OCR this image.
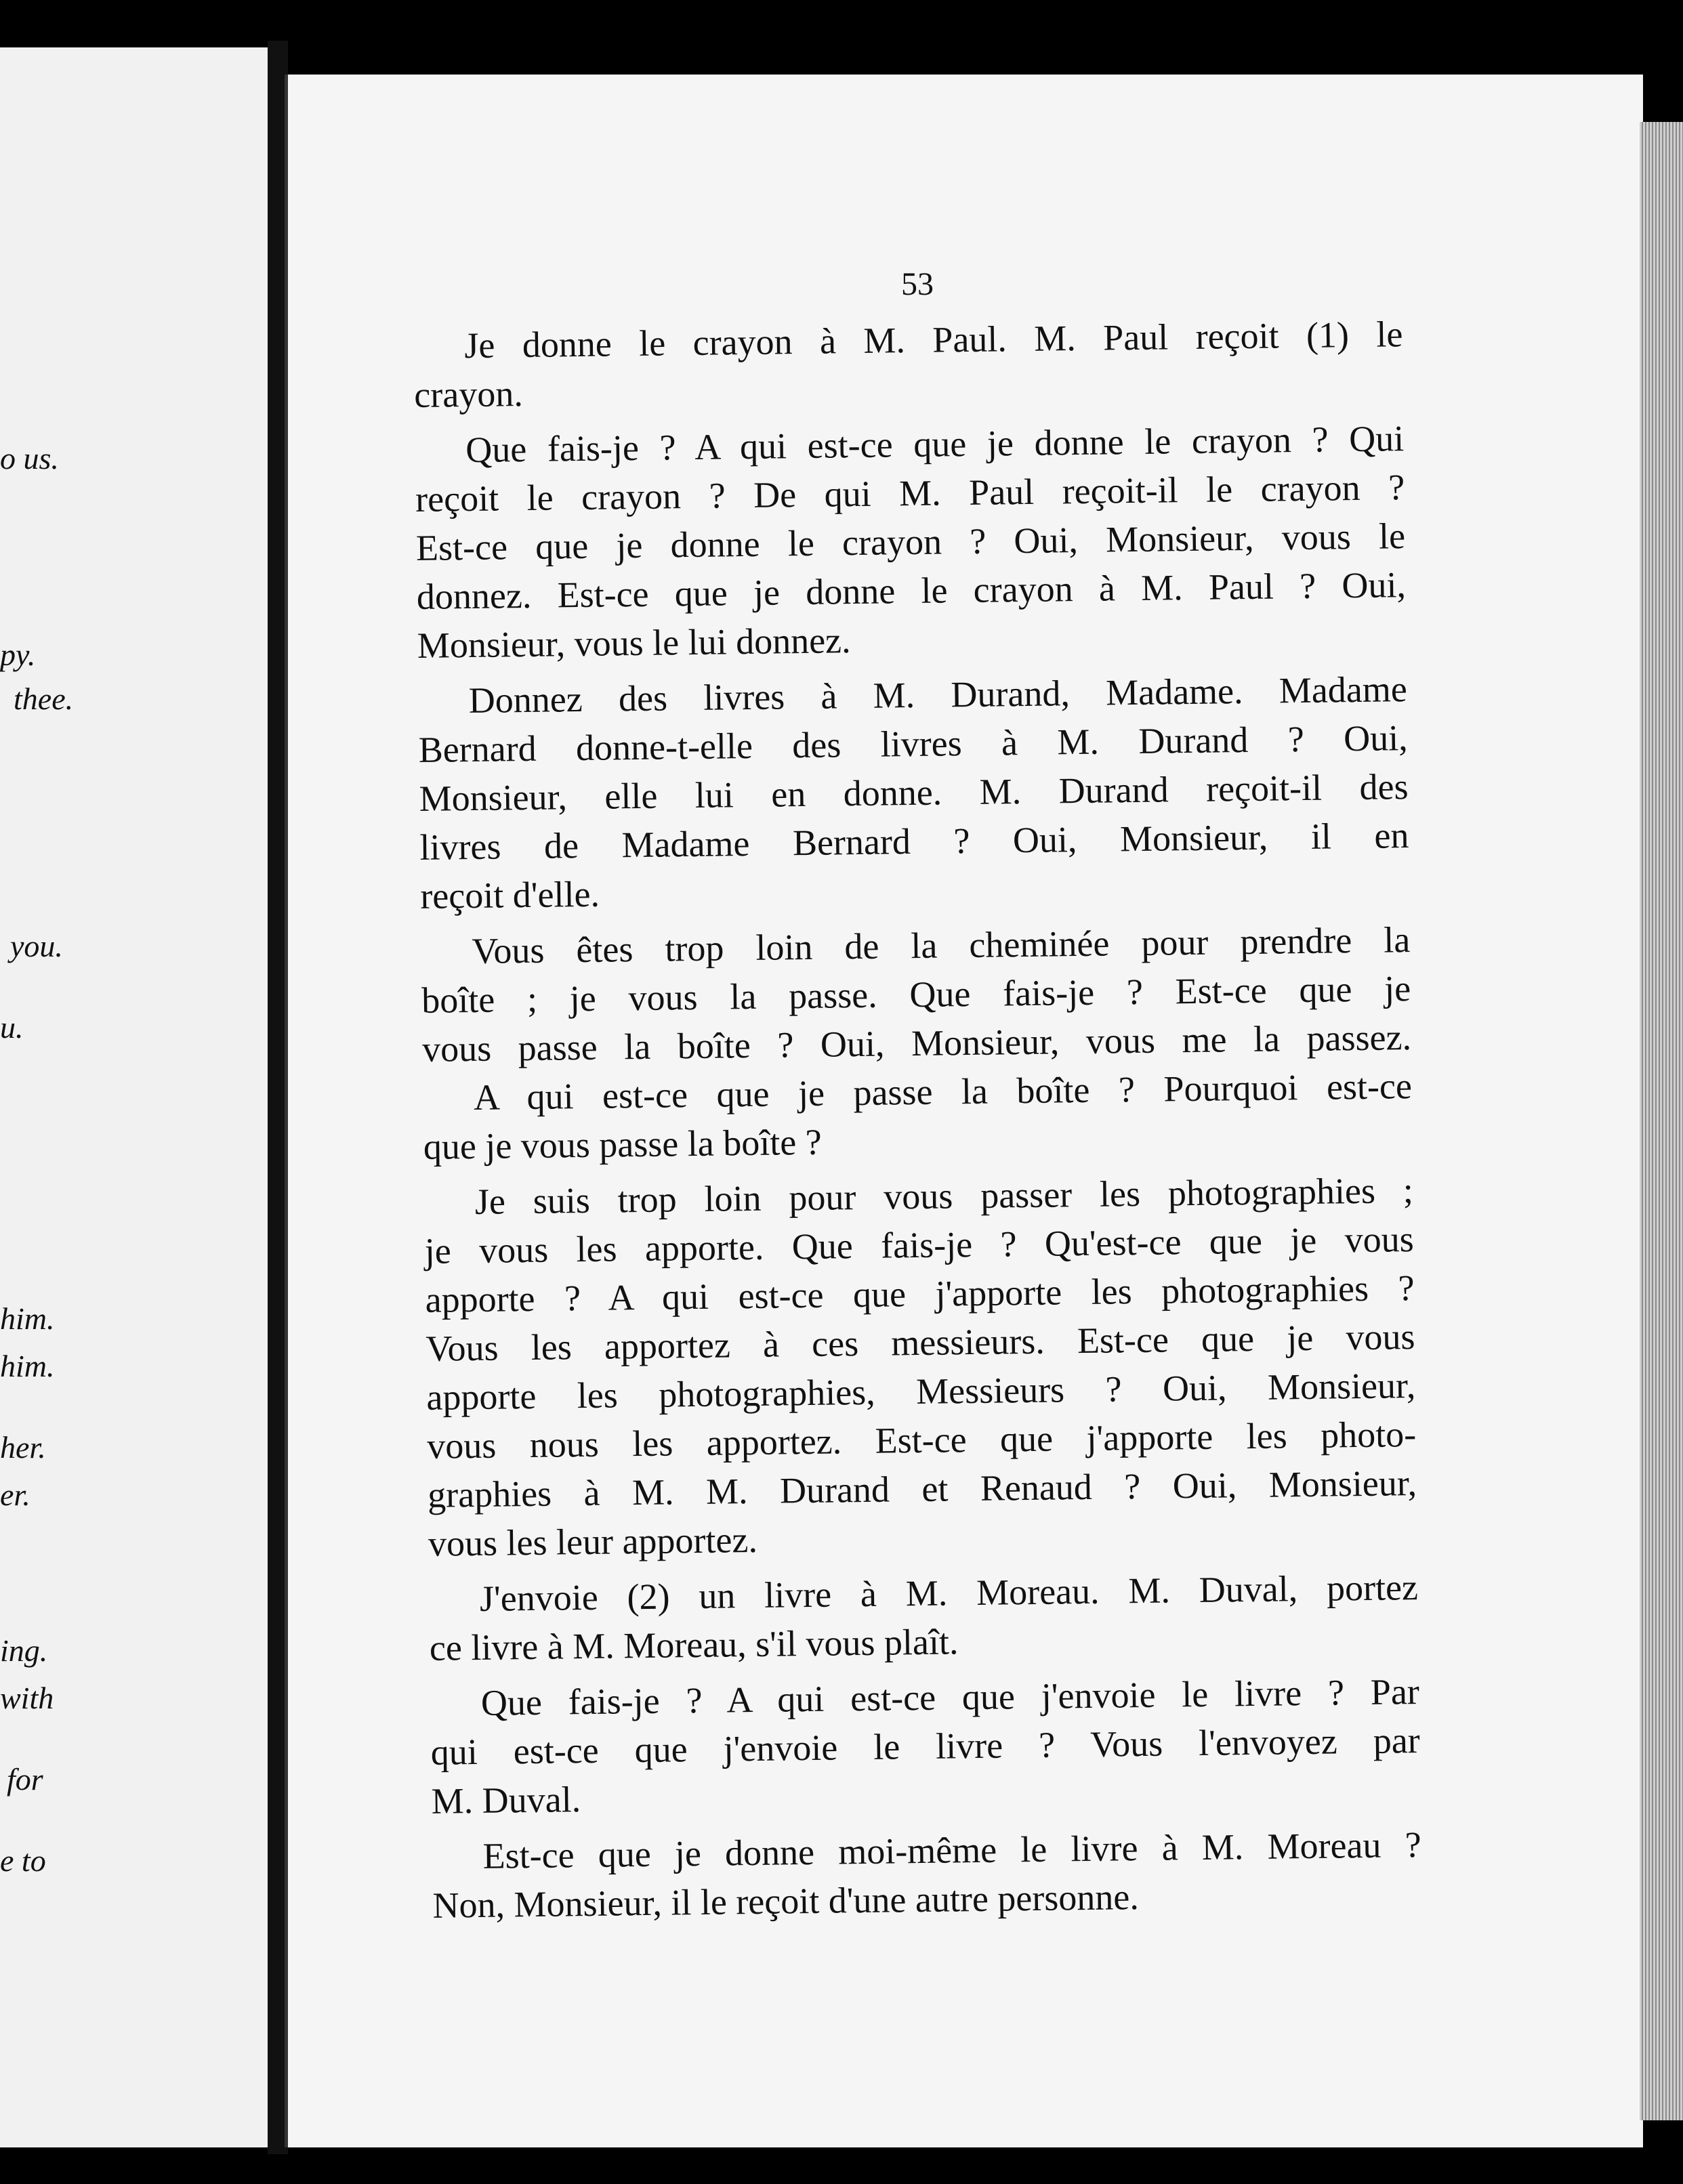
o us.
py.
thee.
you.
u.
him.
him.
her.
er.
ing.
with
for
e to
53
Je donne le crayon à M. Paul. M. Paul reçoit (1) le
crayon.
Que fais-je ? A qui est-ce que je donne le crayon ? Qui
reçoit le crayon ? De qui M. Paul reçoit-il le crayon ?
Est-ce que je donne le crayon ? Oui, Monsieur, vous le
donnez. Est-ce que je donne le crayon à M. Paul ? Oui,
Monsieur, vous le lui donnez.
Donnez des livres à M. Durand, Madame. Madame
Bernard donne-t-elle des livres à M. Durand ? Oui,
Monsieur, elle lui en donne. M. Durand reçoit-il des
livres de Madame Bernard ? Oui, Monsieur, il en
reçoit d'elle.
Vous êtes trop loin de la cheminée pour prendre la
boîte ; je vous la passe. Que fais-je ? Est-ce que je
vous passe la boîte ? Oui, Monsieur, vous me la passez.
A qui est-ce que je passe la boîte ? Pourquoi est-ce
que je vous passe la boîte ?
Je suis trop loin pour vous passer les photographies ;
je vous les apporte. Que fais-je ? Qu'est-ce que je vous
apporte ? A qui est-ce que j'apporte les photographies ?
Vous les apportez à ces messieurs. Est-ce que je vous
apporte les photographies, Messieurs ? Oui, Monsieur,
vous nous les apportez. Est-ce que j'apporte les photo-
graphies à M. M. Durand et Renaud ? Oui, Monsieur,
vous les leur apportez.
J'envoie (2) un livre à M. Moreau. M. Duval, portez
ce livre à M. Moreau, s'il vous plaît.
Que fais-je ? A qui est-ce que j'envoie le livre ? Par
qui est-ce que j'envoie le livre ? Vous l'envoyez par
M. Duval.
Est-ce que je donne moi-même le livre à M. Moreau ?
Non, Monsieur, il le reçoit d'une autre personne.
